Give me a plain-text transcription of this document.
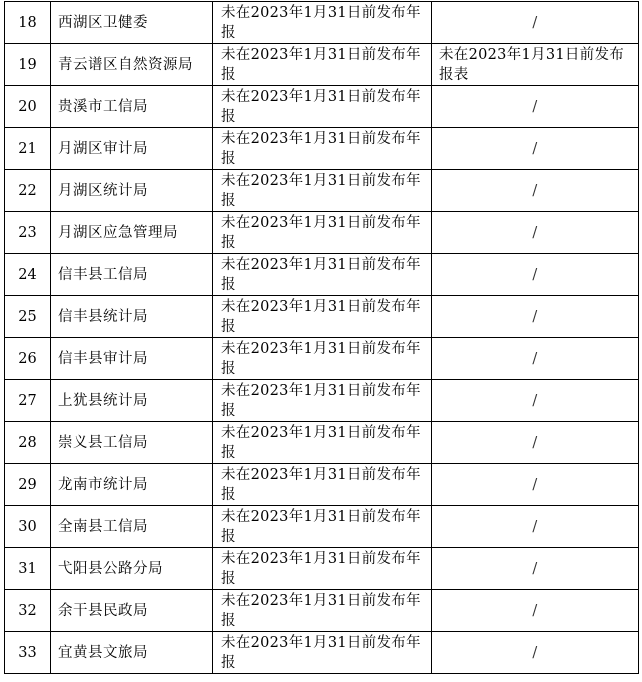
18	西湖区卫健委	未在2023年1月31日前发布年报	/
19	青云谱区自然资源局	未在2023年1月31日前发布年报	未在2023年1月31日前发布报表
20	贵溪市工信局	未在2023年1月31日前发布年报	/
21	月湖区审计局	未在2023年1月31日前发布年报	/
22	月湖区统计局	未在2023年1月31日前发布年报	/
23	月湖区应急管理局	未在2023年1月31日前发布年报	/
24	信丰县工信局	未在2023年1月31日前发布年报	/
25	信丰县统计局	未在2023年1月31日前发布年报	/
26	信丰县审计局	未在2023年1月31日前发布年报	/
27	上犹县统计局	未在2023年1月31日前发布年报	/
28	崇义县工信局	未在2023年1月31日前发布年报	/
29	龙南市统计局	未在2023年1月31日前发布年报	/
30	全南县工信局	未在2023年1月31日前发布年报	/
31	弋阳县公路分局	未在2023年1月31日前发布年报	/
32	余干县民政局	未在2023年1月31日前发布年报	/
33	宜黄县文旅局	未在2023年1月31日前发布年报	/
